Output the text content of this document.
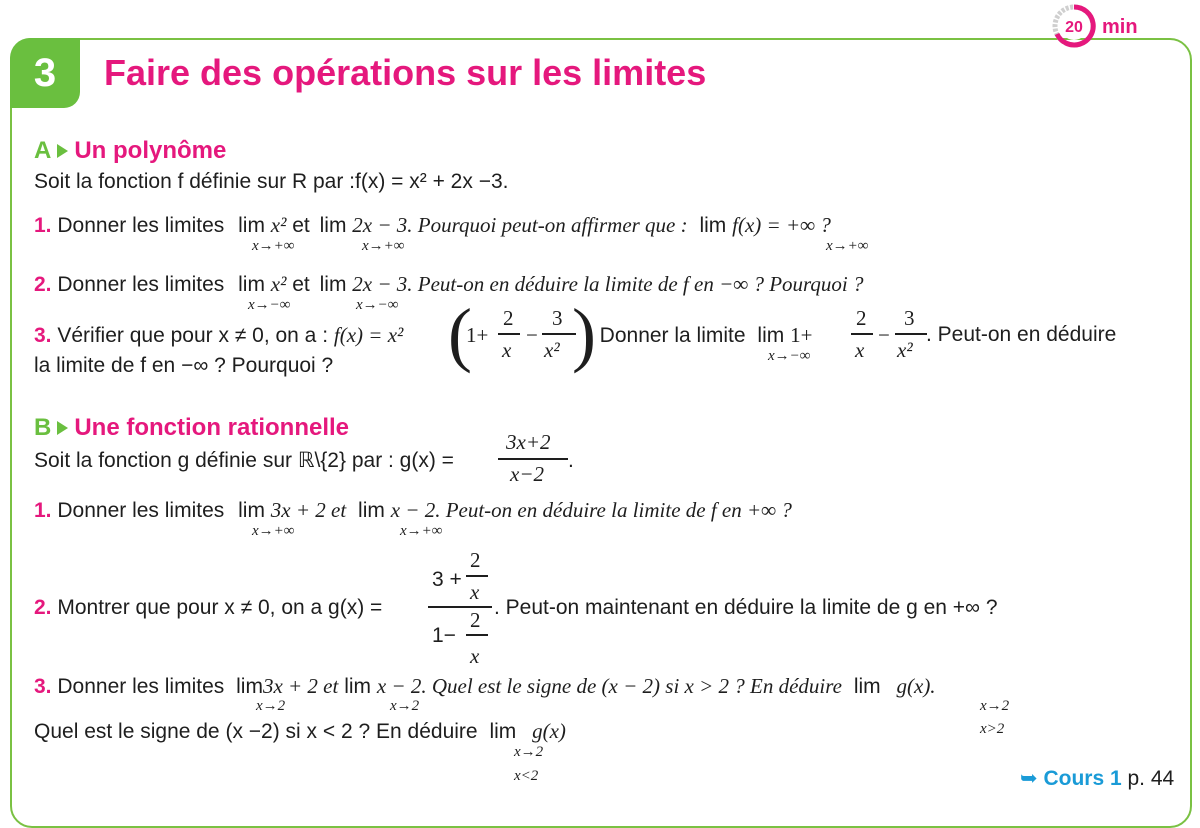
3	Faire des opérations sur les limites
20 min
A Un polynôme
Soit la fonction f définie sur R par :f(x) = x² + 2x −3.
1. Donner les limites lim x² et lim 2x − 3. Pourquoi peut-on affirmer que : lim f(x) = +∞ ?
x→+∞	x→+∞	x→+∞
2. Donner les limites lim x² et lim 2x − 3. Peut-on en déduire la limite de f en −∞ ? Pourquoi ?
x→−∞	x→−∞
3. Vérifier que pour x ≠ 0, on a : f(x) = x² (
1+
2
x
−
3
x² )
. Donner la limite lim 1+
x→−∞
2
x
−
3
x²
. Peut-on en déduire
la limite de f en −∞ ? Pourquoi ?
B Une fonction rationnelle
Soit la fonction g définie sur ℝ\{2} par : g(x) =
3x+2
x−2
.
1. Donner les limites lim 3x + 2 et lim x − 2. Peut-on en déduire la limite de f en +∞ ?
x→+∞	x→+∞
2. Montrer que pour x ≠ 0, on a g(x) =
3 +
2
x
1−
2
x
. Peut-on maintenant en déduire la limite de g en +∞ ?
3. Donner les limites lim3x + 2 et lim x − 2. Quel est le signe de (x − 2) si x > 2 ? En déduire lim g(x).
x→2	x→2	x→2
x>2
Quel est le signe de (x −2) si x < 2 ? En déduire lim g(x)
x→2
x<2	➥ Cours 1 p. 44
